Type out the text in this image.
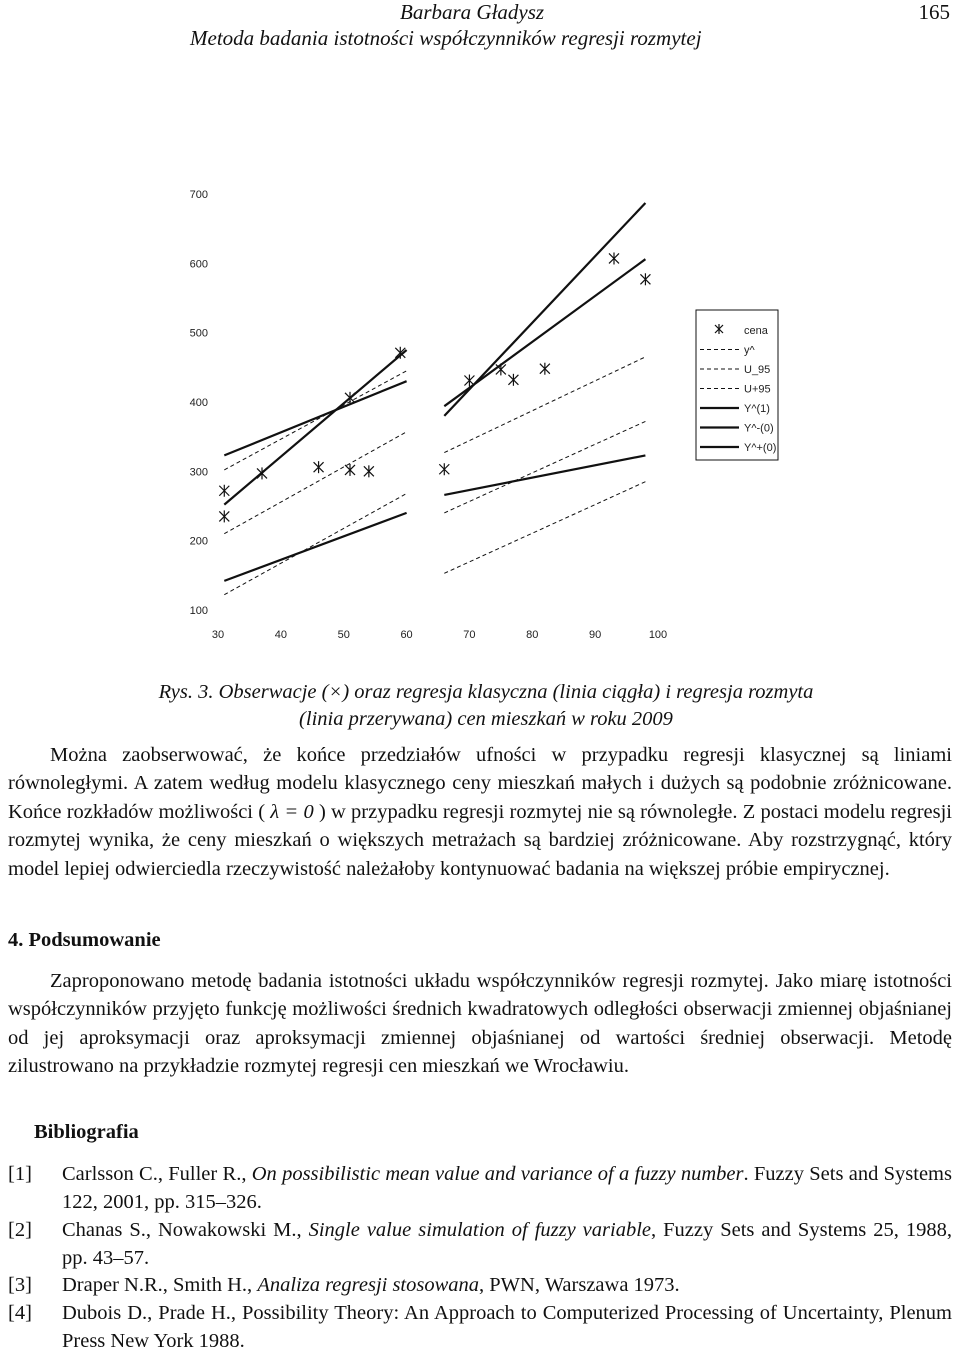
Barbara Gładysz
Metoda badania istotności współczynników regresji rozmytej
165
100
200
300
400
500
600
700
30	40	50	60	70	80	90	100
cena
y^
U_95
U+95
Y^(1)
Y^-(0)
Y^+(0)
Rys. 3. Obserwacje (×) oraz regresja klasyczna (linia ciągła) i regresja rozmyta
(linia przerywana) cen mieszkań w roku 2009

Można zaobserwować, że końce przedziałów ufności w przypadku regresji klasycznej są liniami równoległymi. A zatem według modelu klasycznego ceny mieszkań małych i dużych są podobnie zróżnicowane. Końce rozkładów możliwości ( λ = 0 ) w przypadku regresji rozmytej nie są równoległe. Z postaci modelu regresji rozmytej wynika, że ceny mieszkań o większych metrażach są bardziej zróżnicowane. Aby rozstrzygnąć, który model lepiej odwierciedla rzeczywistość należałoby kontynuować badania na większej próbie empirycznej.

4. Podsumowanie

Zaproponowano metodę badania istotności układu współczynników regresji rozmytej. Jako miarę istotności współczynników przyjęto funkcję możliwości średnich kwadratowych odległości obserwacji zmiennej objaśnianej od jej aproksymacji oraz aproksymacji zmiennej objaśnianej od wartości średniej obserwacji. Metodę zilustrowano na przykładzie rozmytej regresji cen mieszkań we Wrocławiu.

Bibliografia
[1] Carlsson C., Fuller R., On possibilistic mean value and variance of a fuzzy number. Fuzzy Sets and Systems 122, 2001, pp. 315–326.
[2] Chanas S., Nowakowski M., Single value simulation of fuzzy variable, Fuzzy Sets and Systems 25, 1988, pp. 43–57.
[3] Draper N.R., Smith H., Analiza regresji stosowana, PWN, Warszawa 1973.
[4] Dubois D., Prade H., Possibility Theory: An Approach to Computerized Processing of Uncertainty, Plenum Press New York 1988.
